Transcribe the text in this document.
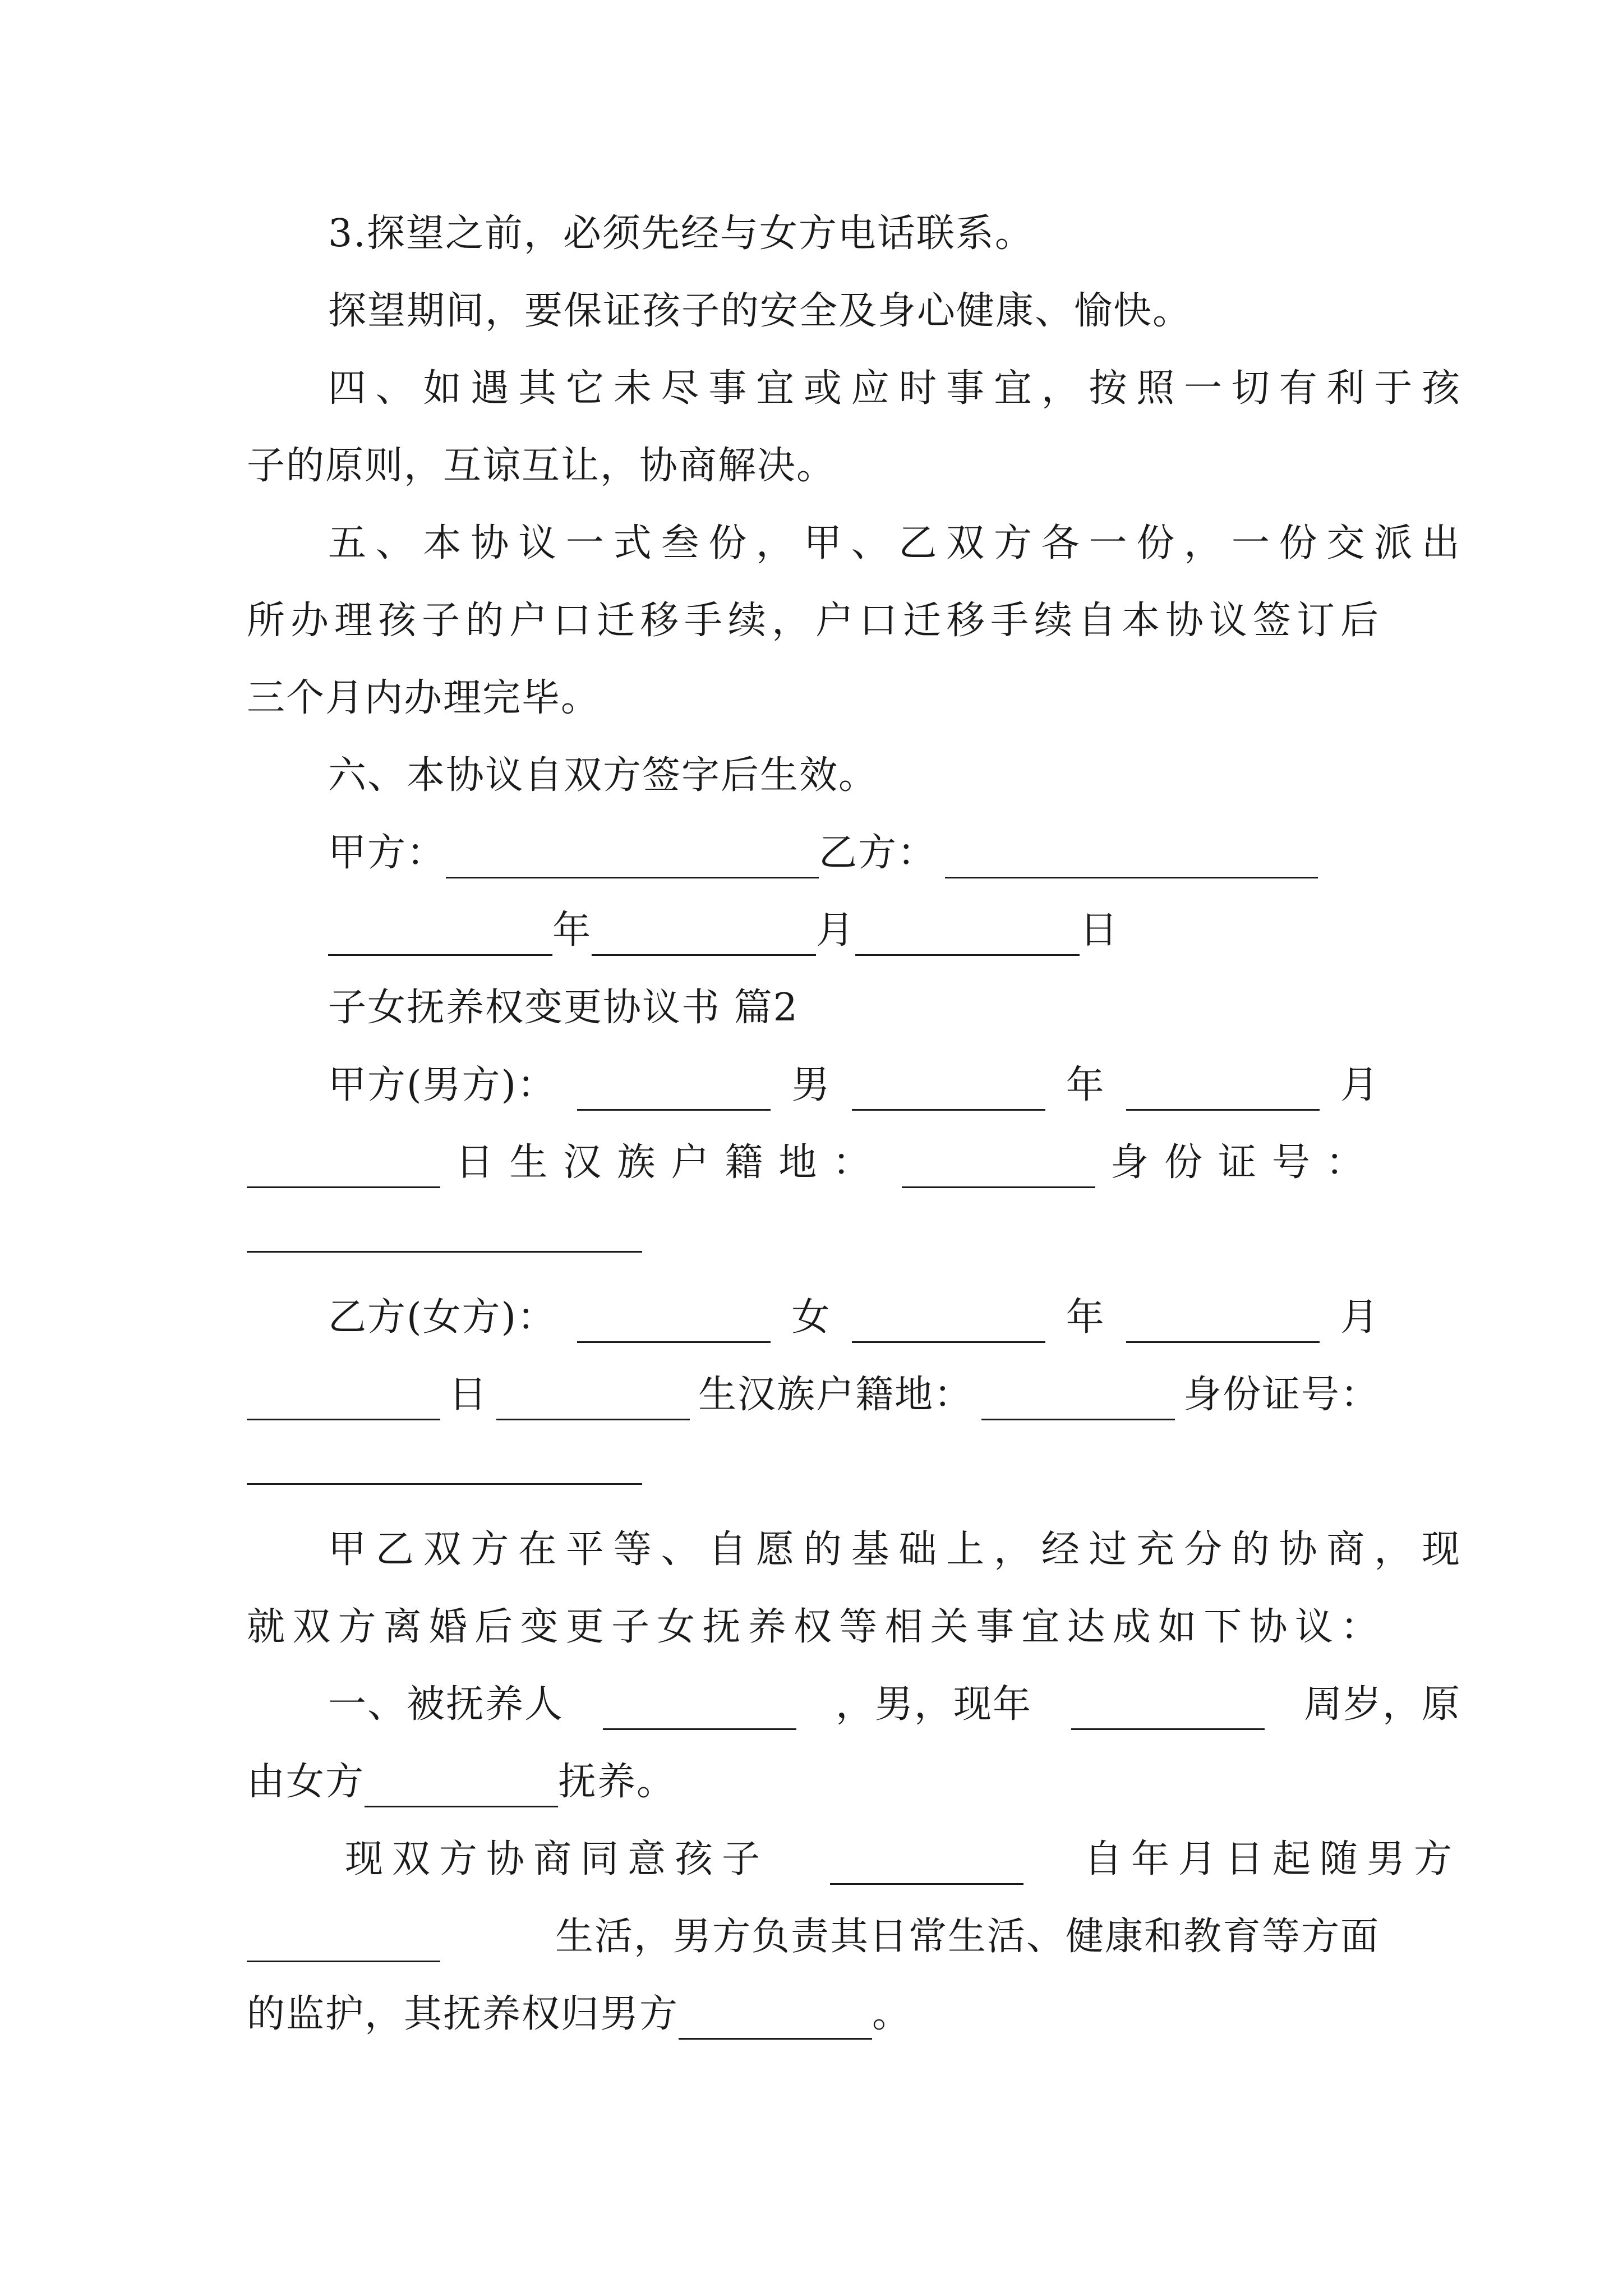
3.探望之前，必须先经与女方电话联系。
探望期间，要保证孩子的安全及身心健康、愉快。
四、如遇其它未尽事宜或应时事宜，按照一切有利于孩
子的原则，互谅互让，协商解决。
五、本协议一式叁份，甲、乙双方各一份，一份交派出
所办理孩子的户口迁移手续，户口迁移手续自本协议签订后
三个月内办理完毕。
六、本协议自双方签字后生效。
甲方：	乙方：
年	月	日
子女抚养权变更协议书 篇2
甲方(男方)：	男	年	月
日生汉族户籍地：	身份证号：
乙方(女方)：	女	年	月
日	生汉族户籍地：	身份证号：
甲乙双方在平等、自愿的基础上，经过充分的协商，现
就双方离婚后变更子女抚养权等相关事宜达成如下协议：
一、被抚养人	，男，现年	周岁，原
由女方	抚养。
现双方协商同意孩子	自年月日起随男方
生活，男方负责其日常生活、健康和教育等方面
的监护，其抚养权归男方	。
